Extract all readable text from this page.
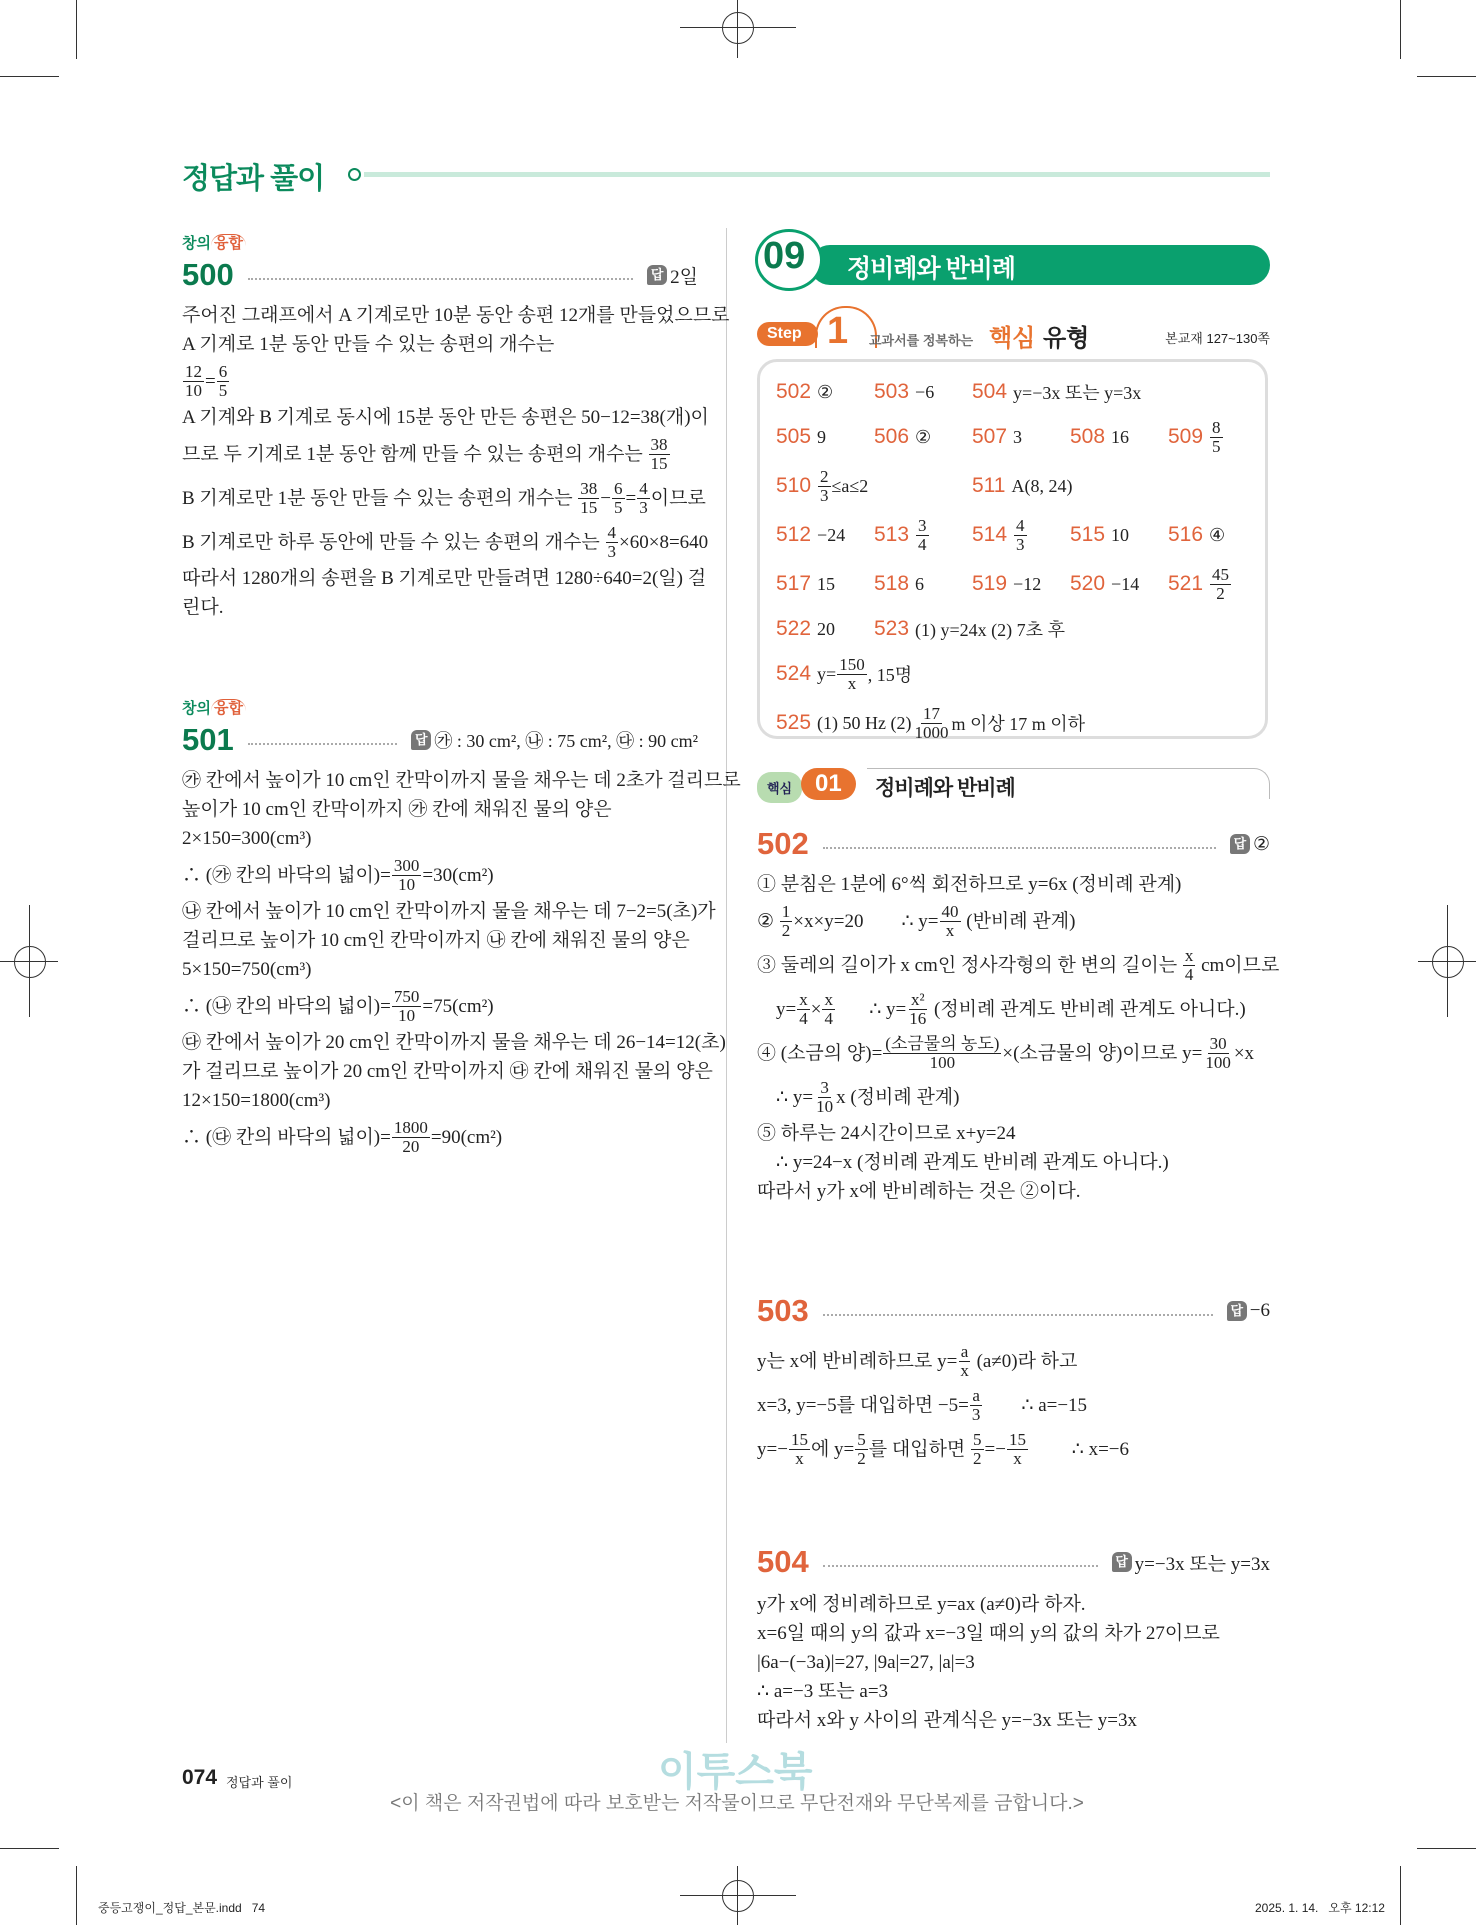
정답과 풀이
창의 융합
500	답 2일
주어진 그래프에서 A 기계로만 10분 동안 송편 12개를 만들었으므로
A 기계로 1분 동안 만들 수 있는 송편의 개수는
$\frac{12}{10} = \frac{6}{5}$
A 기계와 B 기계로 동시에 15분 동안 만든 송편은 50−12=38(개)이
므로 두 기계로 1분 동안 함께 만들 수 있는 송편의 개수는 $\frac{38}{15}$
B 기계로만 1분 동안 만들 수 있는 송편의 개수는 $\frac{38}{15} - \frac{6}{5} = \frac{4}{3}$ 이므로
B 기계로만 하루 동안에 만들 수 있는 송편의 개수는 $\frac{4}{3} \times 60\times 8=640$
따라서 1280개의 송편을 B 기계로만 만들려면 1280÷640=2(일) 걸
린다.
창의 융합
501	답 ㉮ : 30 cm², ㉯ : 75 cm², ㉰ : 90 cm²
㉮ 칸에서 높이가 10 cm인 칸막이까지 물을 채우는 데 2초가 걸리므로
높이가 10 cm인 칸막이까지 ㉮ 칸에 채워진 물의 양은
2×150=300(cm³)
∴ (㉮ 칸의 바닥의 넓이)= $\frac{300}{10} =30(cm^2)$
㉯ 칸에서 높이가 10 cm인 칸막이까지 물을 채우는 데 7−2=5(초)가
걸리므로 높이가 10 cm인 칸막이까지 ㉯ 칸에 채워진 물의 양은
5×150=750(cm³)
∴ (㉯ 칸의 바닥의 넓이)= $\frac{750}{10} =75(cm^2)$
㉰ 칸에서 높이가 20 cm인 칸막이까지 물을 채우는 데 26−14=12(초)
가 걸리므로 높이가 20 cm인 칸막이까지 ㉰ 칸에 채워진 물의 양은
12×150=1800(cm³)
∴ (㉰ 칸의 바닥의 넓이)= $\frac{1800}{20} =90(cm^2)$
09 정비례와 반비례
Step 1 교과서를 정복하는 핵심 유형	본교재 127~130쪽
502 ② 503 −6 504 y=−3x 또는 y=3x
505 9 506 ② 507 3 508 16 $509 \frac{8}{5}$
$510 \frac{2}{3} \le a\le 2$	511 A(8, 24)
512 −24 $513 \frac{3}{4} 514 \frac{4}{3} 515$ 10 516 ④
517 15 518 6 519 −12 520 −14 $521 \frac{45}{2}$
522 20 523 (1) y=24x (2) 7초 후
524 $y= \frac{150}{x}$ , 15명
525 (1) 50 Hz $(2) \frac{17}{1000}$ m 이상 17 m 이하
핵심 01	정비례와 반비례
502	답 ②
① 분침은 1분에 6°씩 회전하므로 y=6x (정비례 관계)
② $\frac{1}{2} \times x\times y=20$        ∴ $y= \frac{40}{x}$ (반비례 관계)
③ 둘레의 길이가 x cm인 정사각형의 한 변의 길이는 $\frac{x}{4}$ cm이므로
$y= \frac{x}{4} \times \frac{x}{4}$ ∴ $y= \frac{\text{x²}}{16}$ (정비례 관계도 반비례 관계도 아니다.)
④ (소금의 양)= $\frac{\text{(소금물의 농도)}}{100}$ ×(소금물의 양)이므로 $y= \frac{30}{100} \times x$
∴ $y= \frac{3}{10}$ x (정비례 관계)
⑤ 하루는 24시간이므로 x+y=24
∴ y=24−x (정비례 관계도 반비례 관계도 아니다.)
따라서 y가 x에 반비례하는 것은 ②이다.
503	답 −6
y는 x에 반비례하므로 $y= \frac{a}{x} (a\ne 0)$라 하고
x=3, y=−5를 대입하면 $-5= \frac{a}{3}$ ∴ a=−15
$y=- \frac{15}{x}$ 에 $y= \frac{5}{2}$ 를 대입하면 $\frac{5}{2} =- \frac{15}{x}$ ∴ x=−6
504	답 y=−3x 또는 y=3x
y가 x에 정비례하므로 y=ax (a≠0)라 하자.
x=6일 때의 y의 값과 x=−3일 때의 y의 값의 차가 27이므로
|6a−(−3a)|=27, |9a|=27, |a|=3
∴ a=−3 또는 a=3
따라서 x와 y 사이의 관계식은 y=−3x 또는 y=3x
074 정답과 풀이	이투스북
<이 책은 저작권법에 따라 보호받는 저작물이므로 무단전재와 무단복제를 금합니다.>
중등고쟁이_정답_본문.indd   74	2025. 1. 14.   오후 12:12
